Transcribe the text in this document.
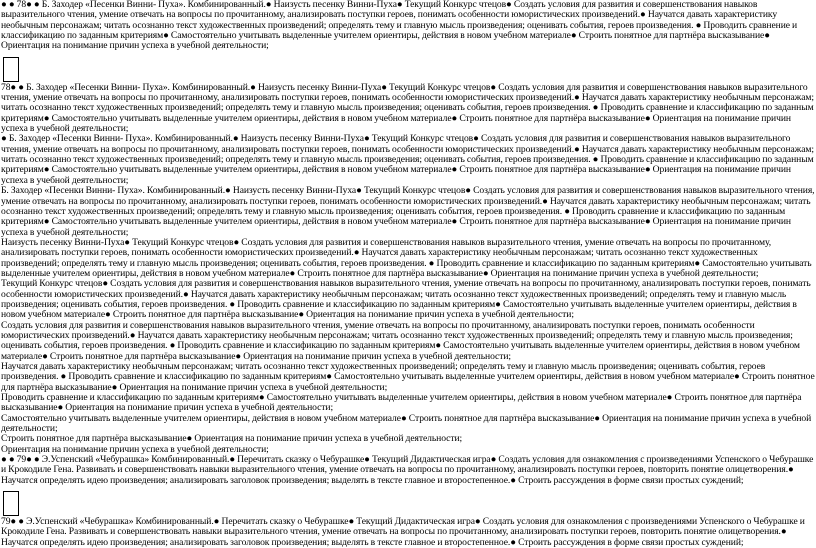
● ● 78● ● Б. Заходер «Песенки Винни- Пуха». Комбинированный.● Наизусть песенку Винни-Пуха● Текущий Конкурс чтецов● Создать условия для развития и совершенствования навыков выразительного чтения, умение отвечать на вопросы по прочитанному, анализировать поступки героев, понимать особенности юмористических произведений.● Научатся давать характеристику необычным персонажам; читать осознанно текст художественных произведений; определять тему и главную мысль произведения; оценивать события, героев произведения. ● Проводить сравнение и классификацию по заданным критериям● Самостоятельно учитывать выделенные учителем ориентиры, действия в новом учебном материале● Строить понятное для партнёра высказывание● Ориентация на понимание причин успеха в учебной деятельности;

78● ● Б. Заходер «Песенки Винни- Пуха». Комбинированный.● Наизусть песенку Винни-Пуха● Текущий Конкурс чтецов● Создать условия для развития и совершенствования навыков выразительного чтения, умение отвечать на вопросы по прочитанному, анализировать поступки героев, понимать особенности юмористических произведений.● Научатся давать характеристику необычным персонажам; читать осознанно текст художественных произведений; определять тему и главную мысль произведения; оценивать события, героев произведения. ● Проводить сравнение и классификацию по заданным критериям● Самостоятельно учитывать выделенные учителем ориентиры, действия в новом учебном материале● Строить понятное для партнёра высказывание● Ориентация на понимание причин успеха в учебной деятельности;

● Б. Заходер «Песенки Винни- Пуха». Комбинированный.● Наизусть песенку Винни-Пуха● Текущий Конкурс чтецов● Создать условия для развития и совершенствования навыков выразительного чтения, умение отвечать на вопросы по прочитанному, анализировать поступки героев, понимать особенности юмористических произведений.● Научатся давать характеристику необычным персонажам; читать осознанно текст художественных произведений; определять тему и главную мысль произведения; оценивать события, героев произведения. ● Проводить сравнение и классификацию по заданным критериям● Самостоятельно учитывать выделенные учителем ориентиры, действия в новом учебном материале● Строить понятное для партнёра высказывание● Ориентация на понимание причин успеха в учебной деятельности;

Б. Заходер «Песенки Винни- Пуха». Комбинированный.● Наизусть песенку Винни-Пуха● Текущий Конкурс чтецов● Создать условия для развития и совершенствования навыков выразительного чтения, умение отвечать на вопросы по прочитанному, анализировать поступки героев, понимать особенности юмористических произведений.● Научатся давать характеристику необычным персонажам; читать осознанно текст художественных произведений; определять тему и главную мысль произведения; оценивать события, героев произведения. ● Проводить сравнение и классификацию по заданным критериям● Самостоятельно учитывать выделенные учителем ориентиры, действия в новом учебном материале● Строить понятное для партнёра высказывание● Ориентация на понимание причин успеха в учебной деятельности;

Наизусть песенку Винни-Пуха● Текущий Конкурс чтецов● Создать условия для развития и совершенствования навыков выразительного чтения, умение отвечать на вопросы по прочитанному, анализировать поступки героев, понимать особенности юмористических произведений.● Научатся давать характеристику необычным персонажам; читать осознанно текст художественных произведений; определять тему и главную мысль произведения; оценивать события, героев произведения. ● Проводить сравнение и классификацию по заданным критериям● Самостоятельно учитывать выделенные учителем ориентиры, действия в новом учебном материале● Строить понятное для партнёра высказывание● Ориентация на понимание причин успеха в учебной деятельности;

Текущий Конкурс чтецов● Создать условия для развития и совершенствования навыков выразительного чтения, умение отвечать на вопросы по прочитанному, анализировать поступки героев, понимать особенности юмористических произведений.● Научатся давать характеристику необычным персонажам; читать осознанно текст художественных произведений; определять тему и главную мысль произведения; оценивать события, героев произведения. ● Проводить сравнение и классификацию по заданным критериям● Самостоятельно учитывать выделенные учителем ориентиры, действия в новом учебном материале● Строить понятное для партнёра высказывание● Ориентация на понимание причин успеха в учебной деятельности;

Создать условия для развития и совершенствования навыков выразительного чтения, умение отвечать на вопросы по прочитанному, анализировать поступки героев, понимать особенности юмористических произведений.● Научатся давать характеристику необычным персонажам; читать осознанно текст художественных произведений; определять тему и главную мысль произведения; оценивать события, героев произведения. ● Проводить сравнение и классификацию по заданным критериям● Самостоятельно учитывать выделенные учителем ориентиры, действия в новом учебном материале● Строить понятное для партнёра высказывание● Ориентация на понимание причин успеха в учебной деятельности;

Научатся давать характеристику необычным персонажам; читать осознанно текст художественных произведений; определять тему и главную мысль произведения; оценивать события, героев произведения. ● Проводить сравнение и классификацию по заданным критериям● Самостоятельно учитывать выделенные учителем ориентиры, действия в новом учебном материале● Строить понятное для партнёра высказывание● Ориентация на понимание причин успеха в учебной деятельности;

Проводить сравнение и классификацию по заданным критериям● Самостоятельно учитывать выделенные учителем ориентиры, действия в новом учебном материале● Строить понятное для партнёра высказывание● Ориентация на понимание причин успеха в учебной деятельности;

Самостоятельно учитывать выделенные учителем ориентиры, действия в новом учебном материале● Строить понятное для партнёра высказывание● Ориентация на понимание причин успеха в учебной деятельности;

Строить понятное для партнёра высказывание● Ориентация на понимание причин успеха в учебной деятельности;

Ориентация на понимание причин успеха в учебной деятельности;

● ● 79● ● Э.Успенский «Чебурашка» Комбинированный.● Перечитать сказку о Чебурашке● Текущий Дидактическая игра● Создать условия для ознакомления с произведениями Успенского о Чебурашке и Крокодиле Гена. Развивать и совершенствовать навыки выразительного чтения, умение отвечать на вопросы по прочитанному, анализировать поступки героев, повторить понятие олицетворения.● Научатся определять идею произведения; анализировать заголовок произведения; выделять в тексте главное и второстепенное.● Строить рассуждения в форме связи простых суждений;

79● ● Э.Успенский «Чебурашка» Комбинированный.● Перечитать сказку о Чебурашке● Текущий Дидактическая игра● Создать условия для ознакомления с произведениями Успенского о Чебурашке и Крокодиле Гена. Развивать и совершенствовать навыки выразительного чтения, умение отвечать на вопросы по прочитанному, анализировать поступки героев, повторить понятие олицетворения.● Научатся определять идею произведения; анализировать заголовок произведения; выделять в тексте главное и второстепенное.● Строить рассуждения в форме связи простых суждений;
